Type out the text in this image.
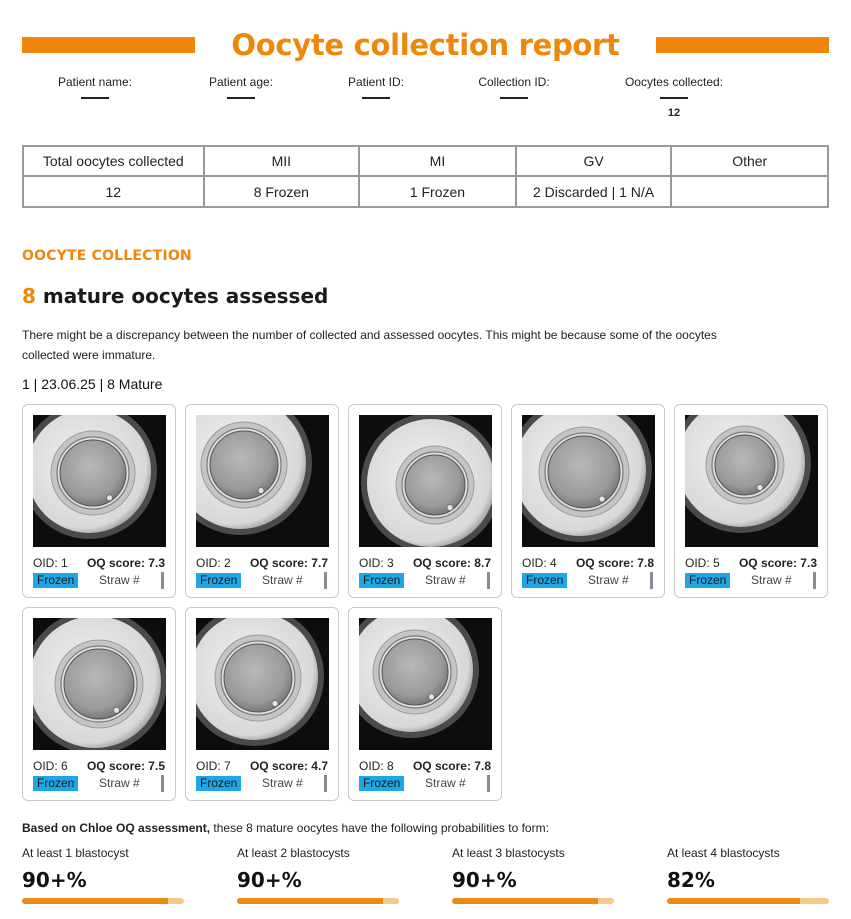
Oocyte collection report
Patient name:	Patient age:	Patient ID:	Collection ID:	Oocytes collected:
12
Total oocytes collected	MII	MI	GV	Other
12	8 Frozen	1 Frozen	2 Discarded | 1 N/A	
OOCYTE COLLECTION
8 mature oocytes assessed
There might be a discrepancy between the number of collected and assessed oocytes. This might be because some of the oocytes collected were immature.
1 | 23.06.25 | 8 Mature
OID: 1 OQ score: 7.3
Frozen	Straw #
OID: 2 OQ score: 7.7
Frozen	Straw #
OID: 3 OQ score: 8.7
Frozen	Straw #
OID: 4 OQ score: 7.8
Frozen	Straw #
OID: 5 OQ score: 7.3
Frozen	Straw #
OID: 6 OQ score: 7.5
Frozen	Straw #
OID: 7 OQ score: 4.7
Frozen	Straw #
OID: 8 OQ score: 7.8
Frozen	Straw #
Based on Chloe OQ assessment, these 8 mature oocytes have the following probabilities to form:
At least 1 blastocyst
90+%
At least 2 blastocysts
90+%
At least 3 blastocysts
90+%
At least 4 blastocysts
82%
